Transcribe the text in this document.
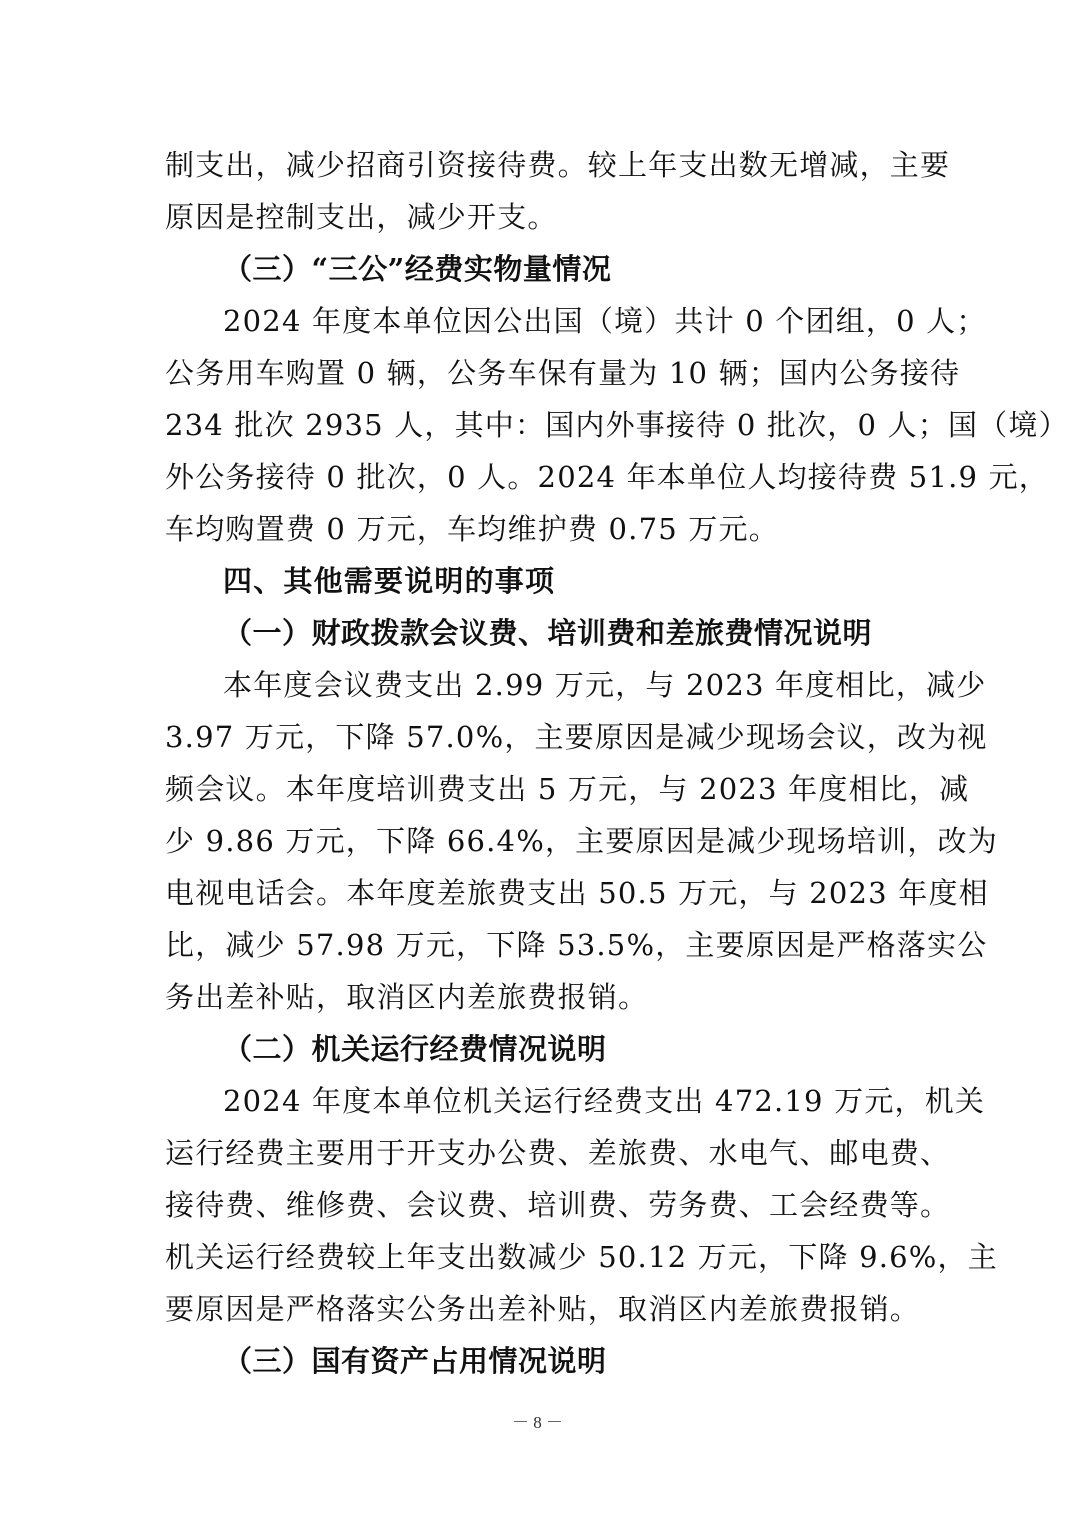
制支出，减少招商引资接待费。较上年支出数无增减，主要
原因是控制支出，减少开支。
（三）“三公”经费实物量情况
2024 年度本单位因公出国（境）共计 0 个团组，0 人；
公务用车购置 0 辆，公务车保有量为 10 辆；国内公务接待
234 批次 2935 人，其中：国内外事接待 0 批次，0 人；国（境）
外公务接待 0 批次，0 人。2024 年本单位人均接待费 51.9 元，
车均购置费 0 万元，车均维护费 0.75 万元。
四、其他需要说明的事项
（一）财政拨款会议费、培训费和差旅费情况说明
本年度会议费支出 2.99 万元，与 2023 年度相比，减少
3.97 万元，下降 57.0%，主要原因是减少现场会议，改为视
频会议。本年度培训费支出 5 万元，与 2023 年度相比，减
少 9.86 万元，下降 66.4%，主要原因是减少现场培训，改为
电视电话会。本年度差旅费支出 50.5 万元，与 2023 年度相
比，减少 57.98 万元，下降 53.5%，主要原因是严格落实公
务出差补贴，取消区内差旅费报销。
（二）机关运行经费情况说明
2024 年度本单位机关运行经费支出 472.19 万元，机关
运行经费主要用于开支办公费、差旅费、水电气、邮电费、
接待费、维修费、会议费、培训费、劳务费、工会经费等。
机关运行经费较上年支出数减少 50.12 万元，下降 9.6%，主
要原因是严格落实公务出差补贴，取消区内差旅费报销。
（三）国有资产占用情况说明
－ 8 －
